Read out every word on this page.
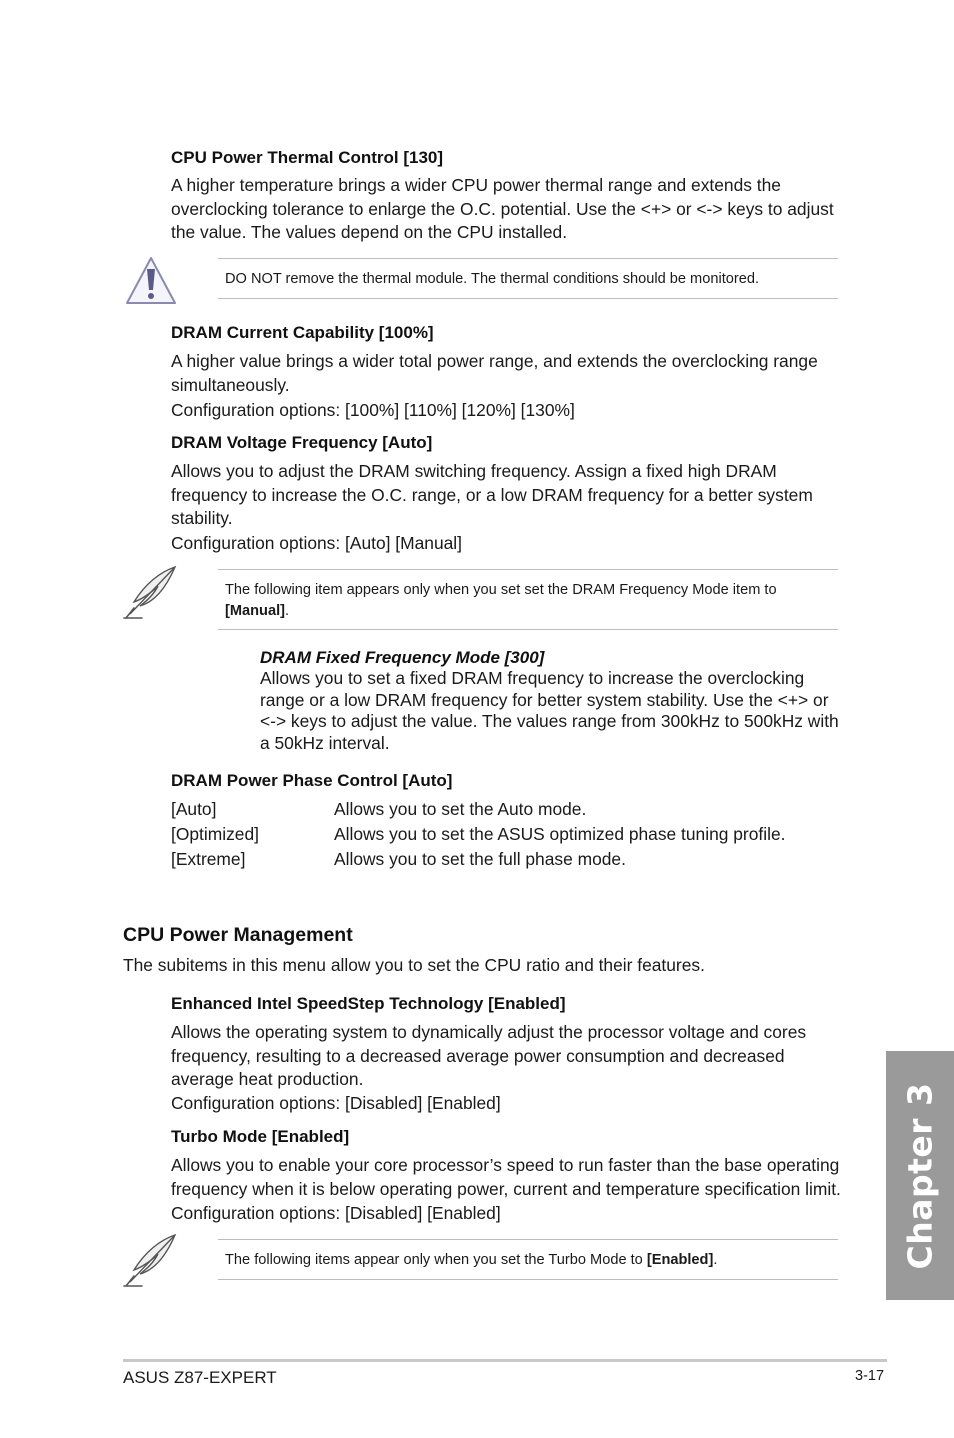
CPU Power Thermal Control [130]
A higher temperature brings a wider CPU power thermal range and extends the overclocking tolerance to enlarge the O.C. potential. Use the <+> or <-> keys to adjust the value. The values depend on the CPU installed.
DO NOT remove the thermal module. The thermal conditions should be monitored.
DRAM Current Capability [100%]
A higher value brings a wider total power range, and extends the overclocking range simultaneously.
Configuration options: [100%] [110%] [120%] [130%]
DRAM Voltage Frequency [Auto]
Allows you to adjust the DRAM switching frequency. Assign a fixed high DRAM frequency to increase the O.C. range, or a low DRAM frequency for a better system stability.
Configuration options: [Auto] [Manual]
The following item appears only when you set set the DRAM Frequency Mode item to [Manual].
DRAM Fixed Frequency Mode [300]
Allows you to set a fixed DRAM frequency to increase the overclocking range or a low DRAM frequency for better system stability. Use the <+> or <-> keys to adjust the value. The values range from 300kHz to 500kHz with a 50kHz interval.
DRAM Power Phase Control [Auto]
[Auto]	Allows you to set the Auto mode.
[Optimized]	Allows you to set the ASUS optimized phase tuning profile.
[Extreme]	Allows you to set the full phase mode.
CPU Power Management
The subitems in this menu allow you to set the CPU ratio and their features.
Enhanced Intel SpeedStep Technology [Enabled]
Allows the operating system to dynamically adjust the processor voltage and cores frequency, resulting to a decreased average power consumption and decreased average heat production.
Configuration options: [Disabled] [Enabled]
Turbo Mode [Enabled]
Allows you to enable your core processor’s speed to run faster than the base operating frequency when it is below operating power, current and temperature specification limit.
Configuration options: [Disabled] [Enabled]
The following items appear only when you set the Turbo Mode to [Enabled].	Chapter 3
ASUS Z87-EXPERT	3-17
